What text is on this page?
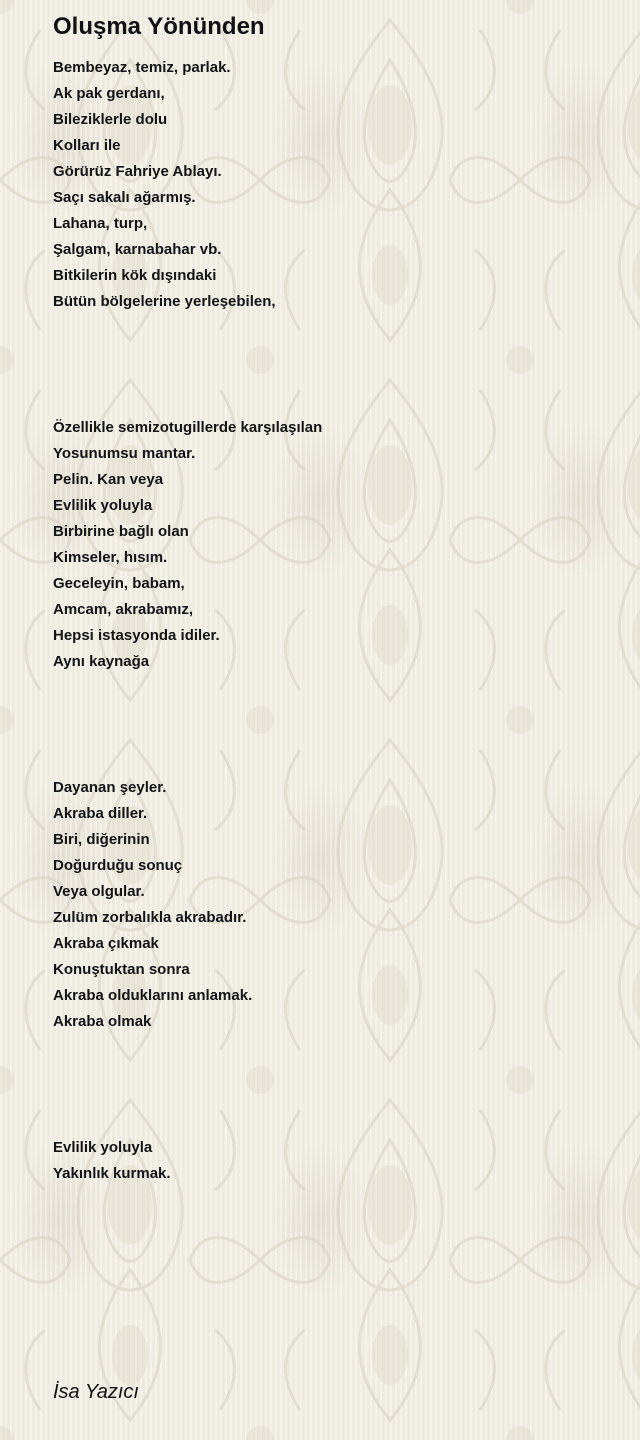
Oluşma Yönünden
Bembeyaz, temiz, parlak.
Ak pak gerdanı,
Bileziklerle dolu
Kolları ile
Görürüz Fahriye Ablayı.
Saçı sakalı ağarmış.
Lahana, turp,
Şalgam, karnabahar vb.
Bitkilerin kök dışındaki
Bütün bölgelerine yerleşebilen,
Özellikle semizotugillerde karşılaşılan
Yosunumsu mantar.
Pelin. Kan veya
Evlilik yoluyla
Birbirine bağlı olan
Kimseler, hısım.
Geceleyin, babam,
Amcam, akrabamız,
Hepsi istasyonda idiler.
Aynı kaynağa
Dayanan şeyler.
Akraba diller.
Biri, diğerinin
Doğurduğu sonuç
Veya olgular.
Zulüm zorbalıkla akrabadır.
Akraba çıkmak
Konuştuktan sonra
Akraba olduklarını anlamak.
Akraba olmak
Evlilik yoluyla
Yakınlık kurmak.
İsa Yazıcı
